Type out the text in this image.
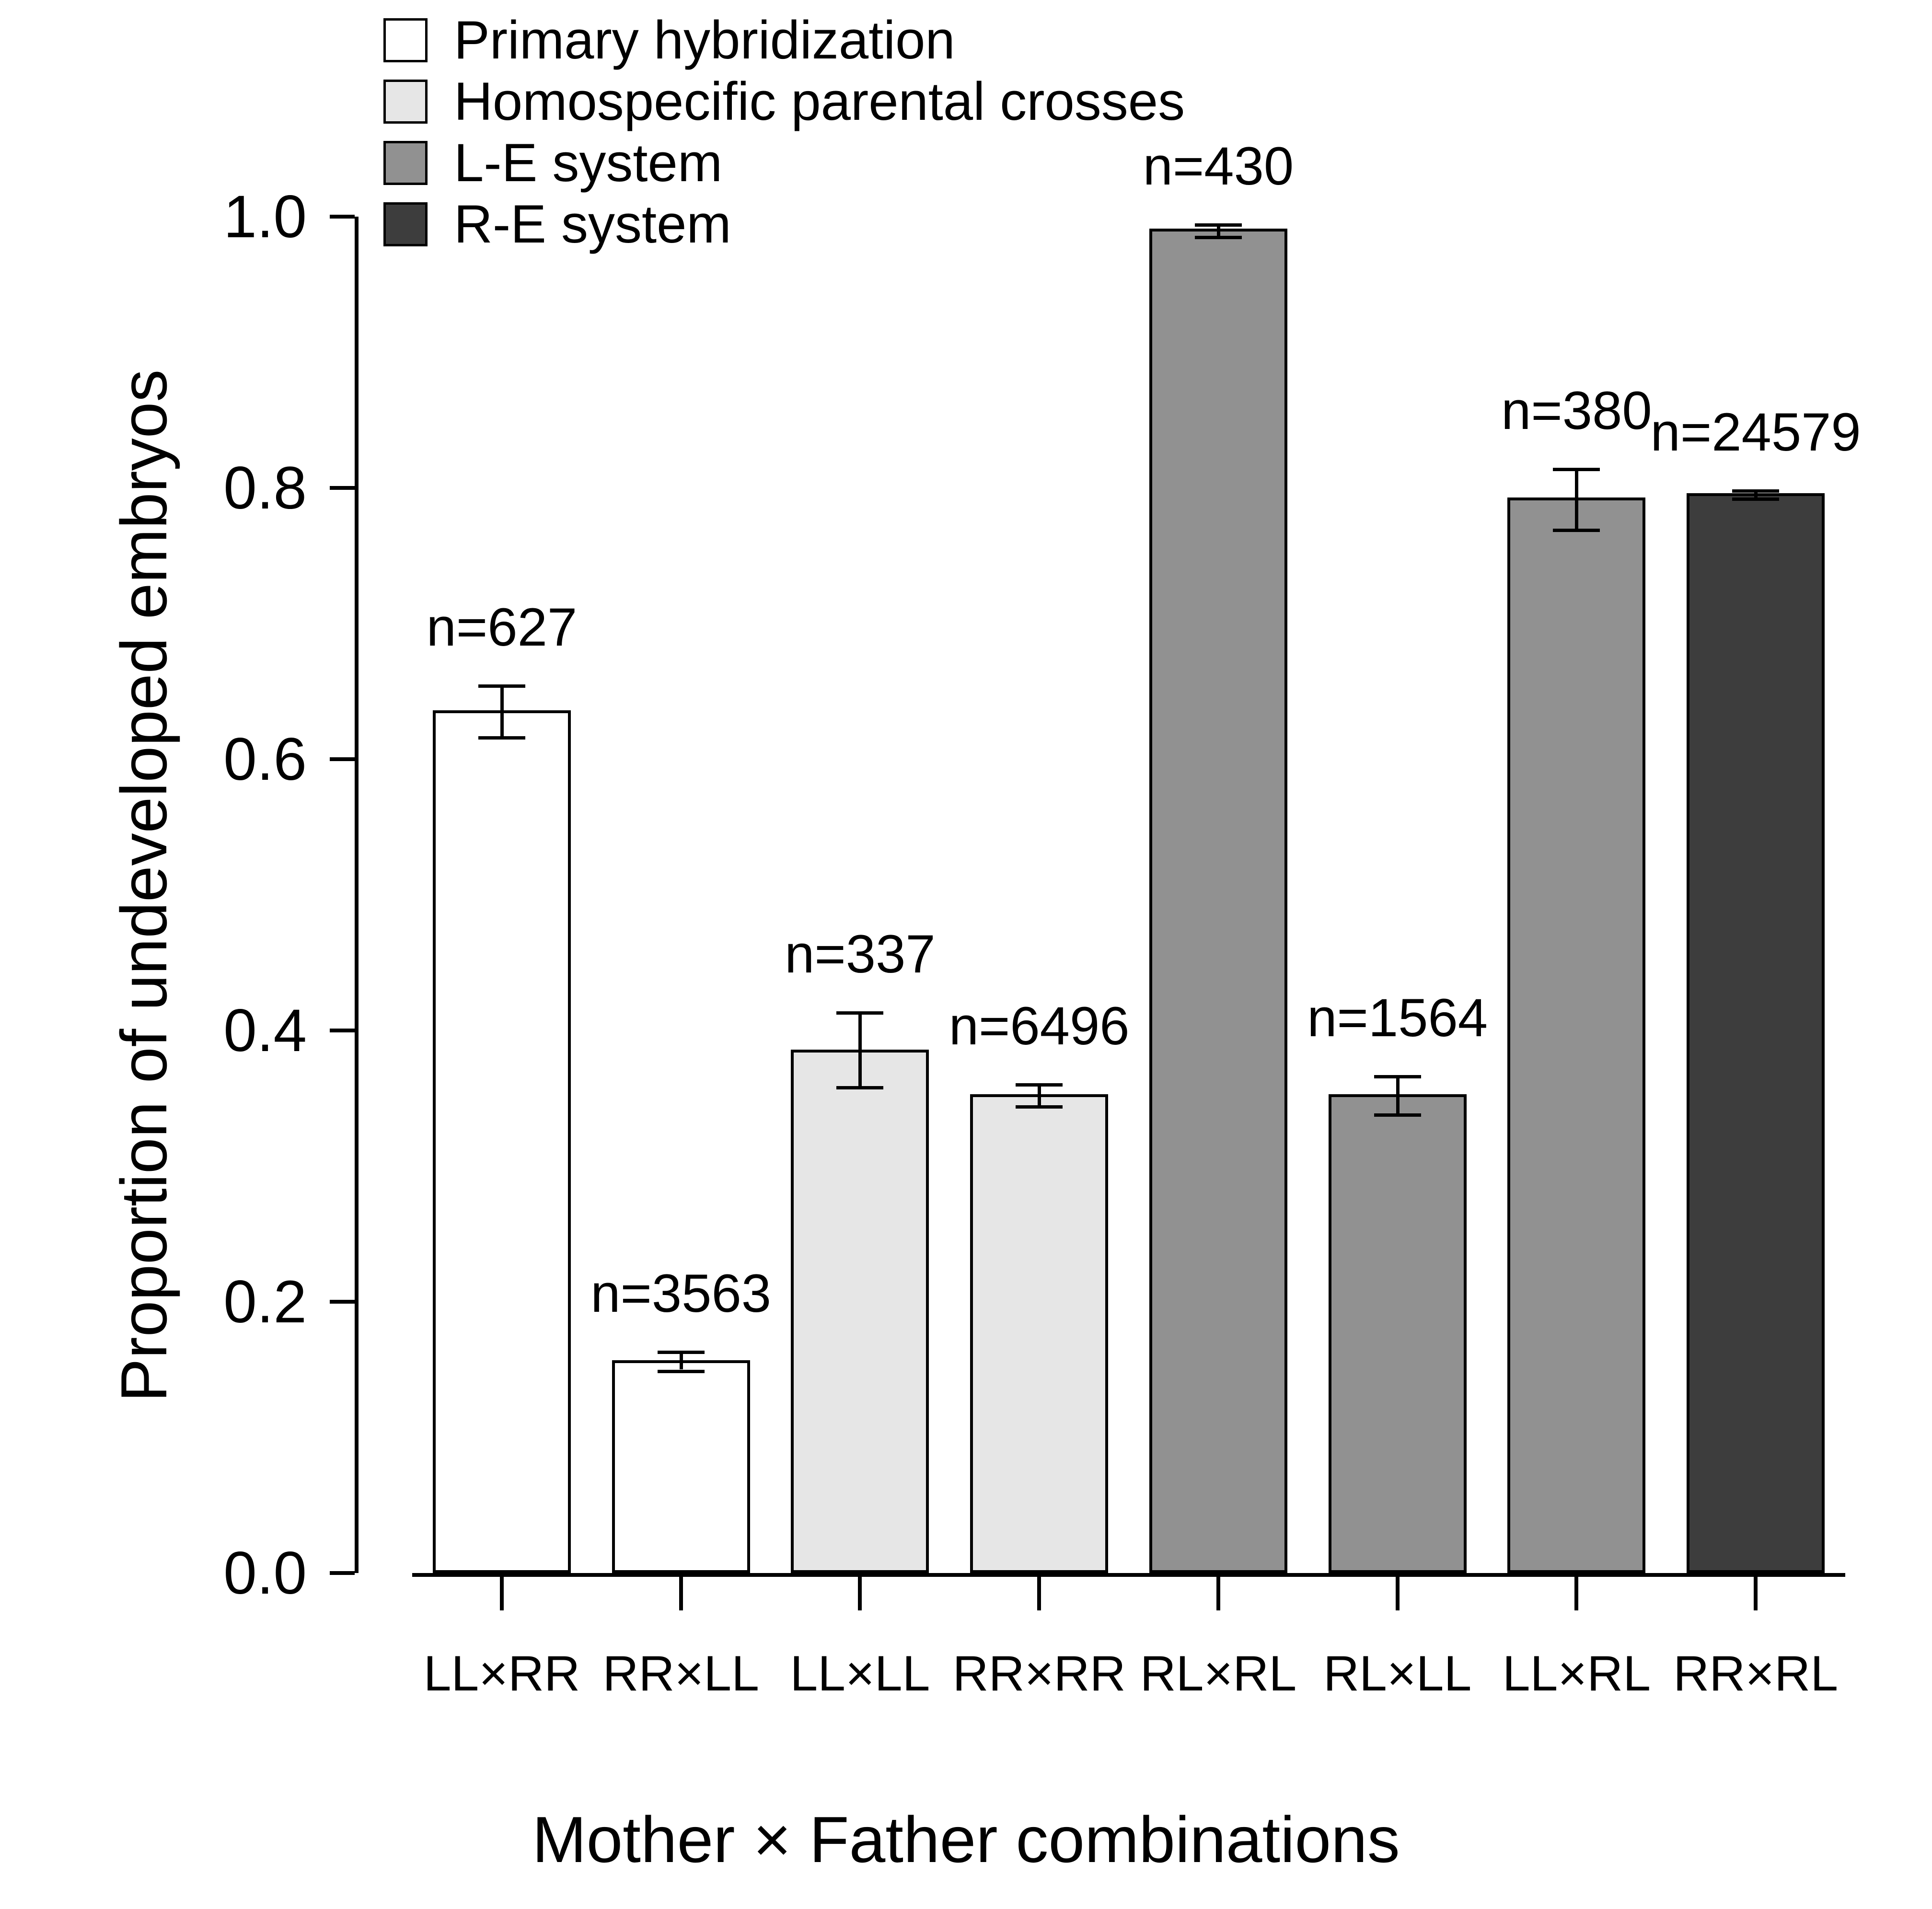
Primary hybridization
Homospecific parental crosses
L-E system
R-E system
0.0
0.2
0.4
0.6
0.8
1.0
n=627
n=3563
n=337
n=6496
n=430
n=1564
n=380
n=24579
LL×RR RR×LL LL×LL RR×RR RL×RL RL×LL LL×RL RR×RL
Proportion of undeveloped embryos
Mother × Father combinations
